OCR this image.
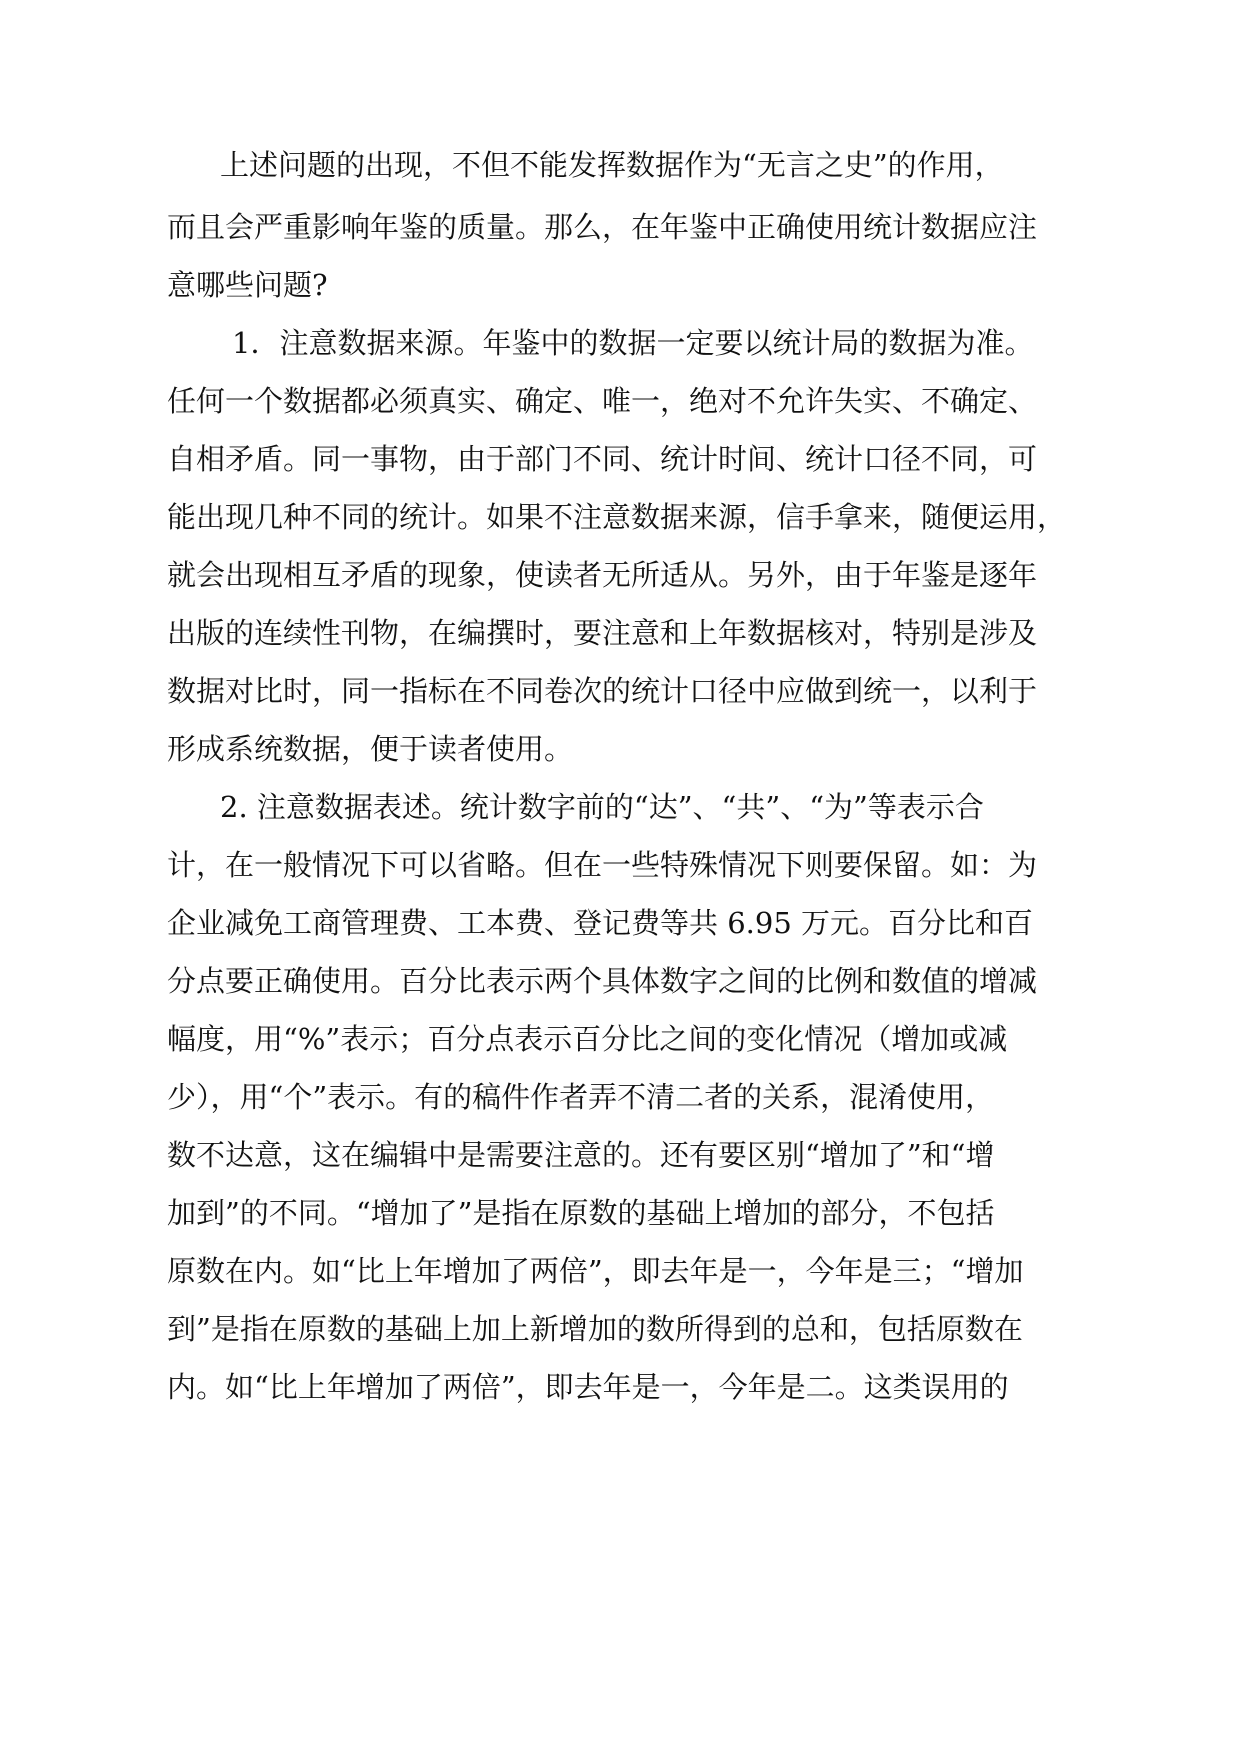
上述问题的出现，不但不能发挥数据作为“无言之史”的作用，
而且会严重影响年鉴的质量。那么，在年鉴中正确使用统计数据应注
意哪些问题?
1．注意数据来源。年鉴中的数据一定要以统计局的数据为准。
任何一个数据都必须真实、确定、唯一，绝对不允许失实、不确定、
自相矛盾。同一事物，由于部门不同、统计时间、统计口径不同，可
能出现几种不同的统计。如果不注意数据来源，信手拿来，随便运用，
就会出现相互矛盾的现象，使读者无所适从。另外，由于年鉴是逐年
出版的连续性刊物，在编撰时，要注意和上年数据核对，特别是涉及
数据对比时，同一指标在不同卷次的统计口径中应做到统一，以利于
形成系统数据，便于读者使用。
2. 注意数据表述。统计数字前的“达”、“共”、“为”等表示合
计，在一般情况下可以省略。但在一些特殊情况下则要保留。如：为
企业减免工商管理费、工本费、登记费等共 6.95 万元。百分比和百
分点要正确使用。百分比表示两个具体数字之间的比例和数值的增减
幅度，用“%”表示；百分点表示百分比之间的变化情况（增加或减
少），用“个”表示。有的稿件作者弄不清二者的关系，混淆使用，
数不达意，这在编辑中是需要注意的。还有要区别“增加了”和“增
加到”的不同。“增加了”是指在原数的基础上增加的部分，不包括
原数在内。如“比上年增加了两倍”，即去年是一，今年是三；“增加
到”是指在原数的基础上加上新增加的数所得到的总和，包括原数在
内。如“比上年增加了两倍”，即去年是一，今年是二。这类误用的
